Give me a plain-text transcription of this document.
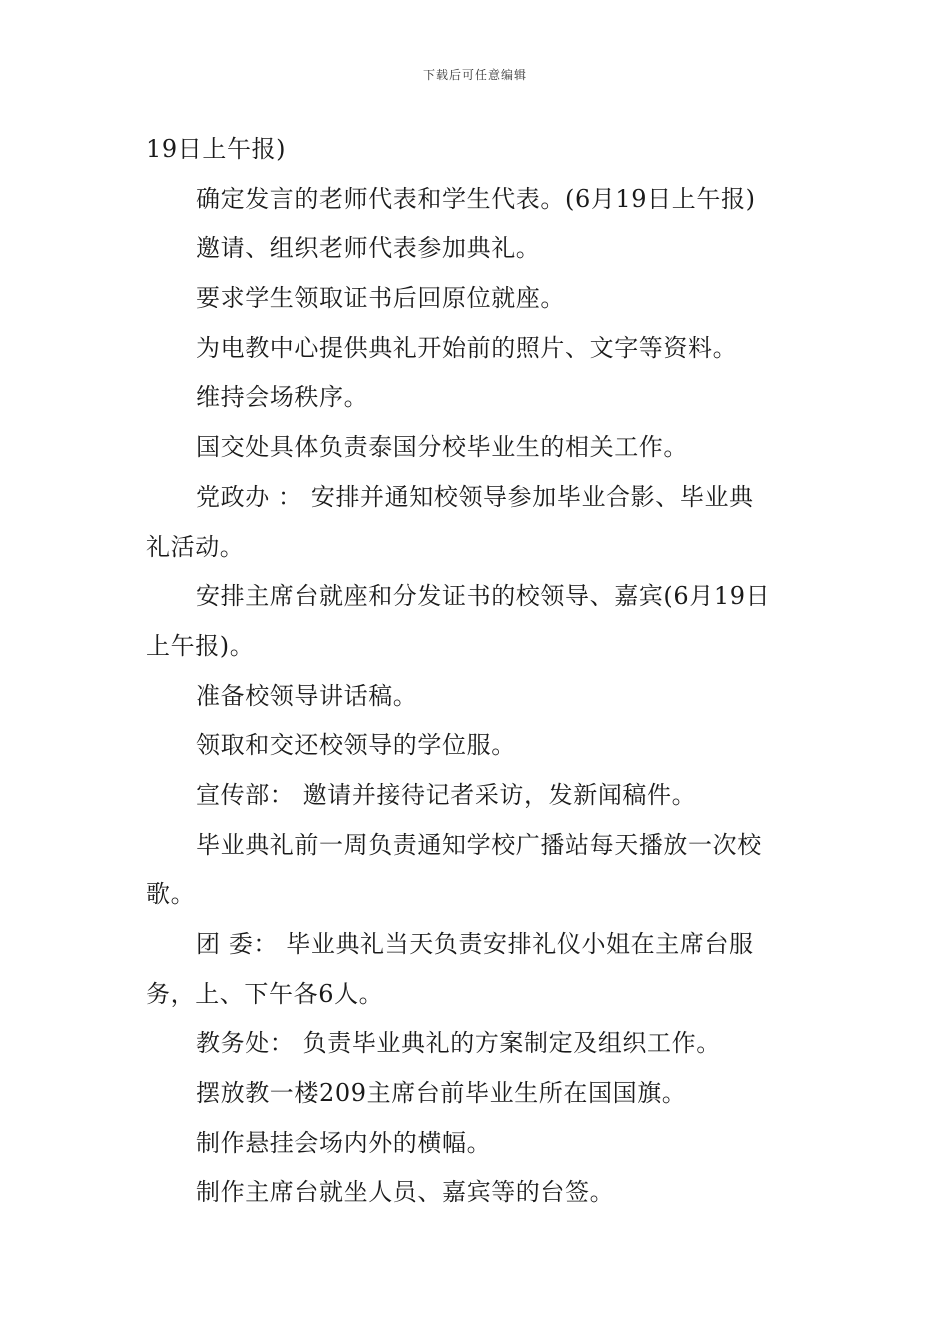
下载后可任意编辑
19日上午报)
确定发言的老师代表和学生代表。(6月19日上午报)
邀请、组织老师代表参加典礼。
要求学生领取证书后回原位就座。
为电教中心提供典礼开始前的照片、文字等资料。
维持会场秩序。
国交处具体负责泰国分校毕业生的相关工作。
党政办 ： 安排并通知校领导参加毕业合影、毕业典
礼活动。
安排主席台就座和分发证书的校领导、嘉宾(6月19日
上午报)。
准备校领导讲话稿。
领取和交还校领导的学位服。
宣传部： 邀请并接待记者采访，发新闻稿件。
毕业典礼前一周负责通知学校广播站每天播放一次校
歌。
团 委： 毕业典礼当天负责安排礼仪小姐在主席台服
务，上、下午各6人。
教务处： 负责毕业典礼的方案制定及组织工作。
摆放教一楼209主席台前毕业生所在国国旗。
制作悬挂会场内外的横幅。
制作主席台就坐人员、嘉宾等的台签。
